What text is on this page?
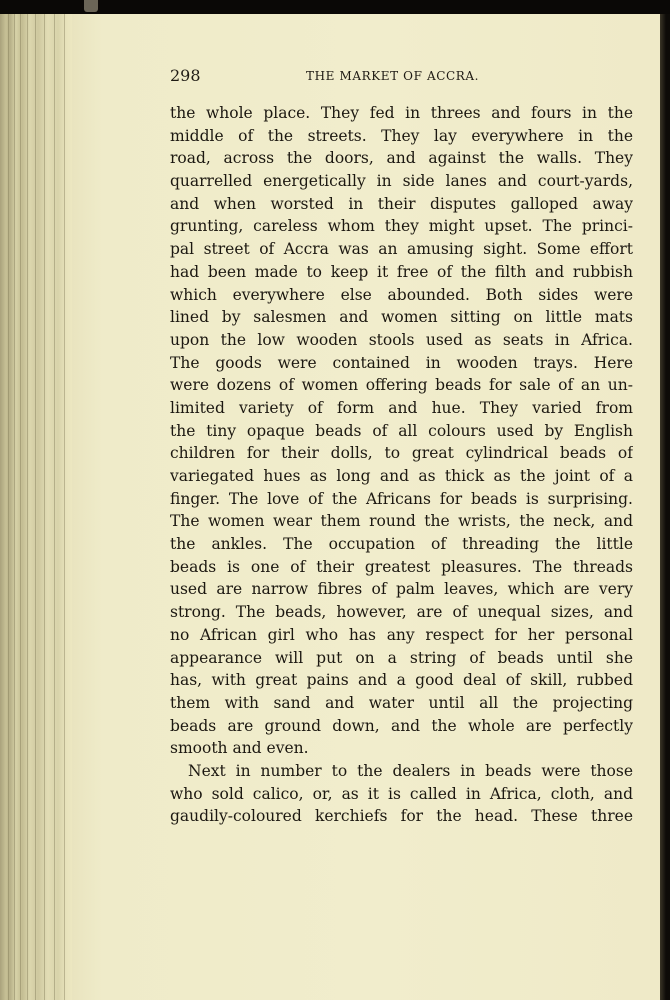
298	THE MARKET OF ACCRA.
the whole place. They fed in threes and fours in the
middle of the streets. They lay everywhere in the
road, across the doors, and against the walls. They
quarrelled energetically in side lanes and court-yards,
and when worsted in their disputes galloped away
grunting, careless whom they might upset. The princi-
pal street of Accra was an amusing sight. Some effort
had been made to keep it free of the filth and rubbish
which everywhere else abounded. Both sides were
lined by salesmen and women sitting on little mats
upon the low wooden stools used as seats in Africa.
The goods were contained in wooden trays. Here
were dozens of women offering beads for sale of an un-
limited variety of form and hue. They varied from
the tiny opaque beads of all colours used by English
children for their dolls, to great cylindrical beads of
variegated hues as long and as thick as the joint of a
finger. The love of the Africans for beads is surprising.
The women wear them round the wrists, the neck, and
the ankles. The occupation of threading the little
beads is one of their greatest pleasures. The threads
used are narrow fibres of palm leaves, which are very
strong. The beads, however, are of unequal sizes, and
no African girl who has any respect for her personal
appearance will put on a string of beads until she
has, with great pains and a good deal of skill, rubbed
them with sand and water until all the projecting
beads are ground down, and the whole are perfectly
smooth and even.
Next in number to the dealers in beads were those
who sold calico, or, as it is called in Africa, cloth, and
gaudily-coloured kerchiefs for the head. These three
